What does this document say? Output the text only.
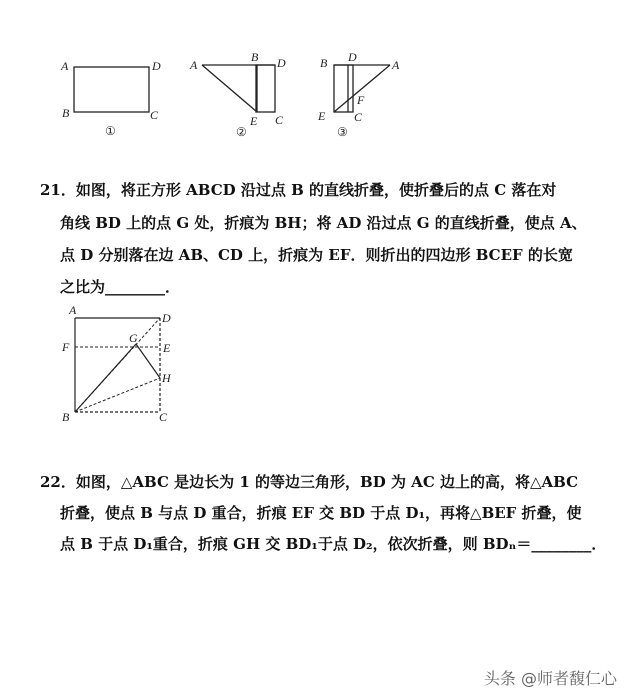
A	D
B	C
①
A
B D
E C
②
B D
A
F
E C
③
21．如图，将正方形 ABCD 沿过点 B 的直线折叠，使折叠后的点 C 落在对
角线 BD 上的点 G 处，折痕为 BH；将 AD 沿过点 G 的直线折叠，使点 A、
点 D 分别落在边 AB、CD 上，折痕为 EF．则折出的四边形 BCEF 的长宽
之比为________．
A
D
F
G
E
H
B	C
22．如图，△ABC 是边长为 1 的等边三角形，BD 为 AC 边上的高，将△ABC
折叠，使点 B 与点 D 重合，折痕 EF 交 BD 于点 D₁，再将△BEF 折叠，使
点 B 于点 D₁重合，折痕 GH 交 BD₁于点 D₂，依次折叠，则 BDₙ＝________．
头条 @师者馥仁心
